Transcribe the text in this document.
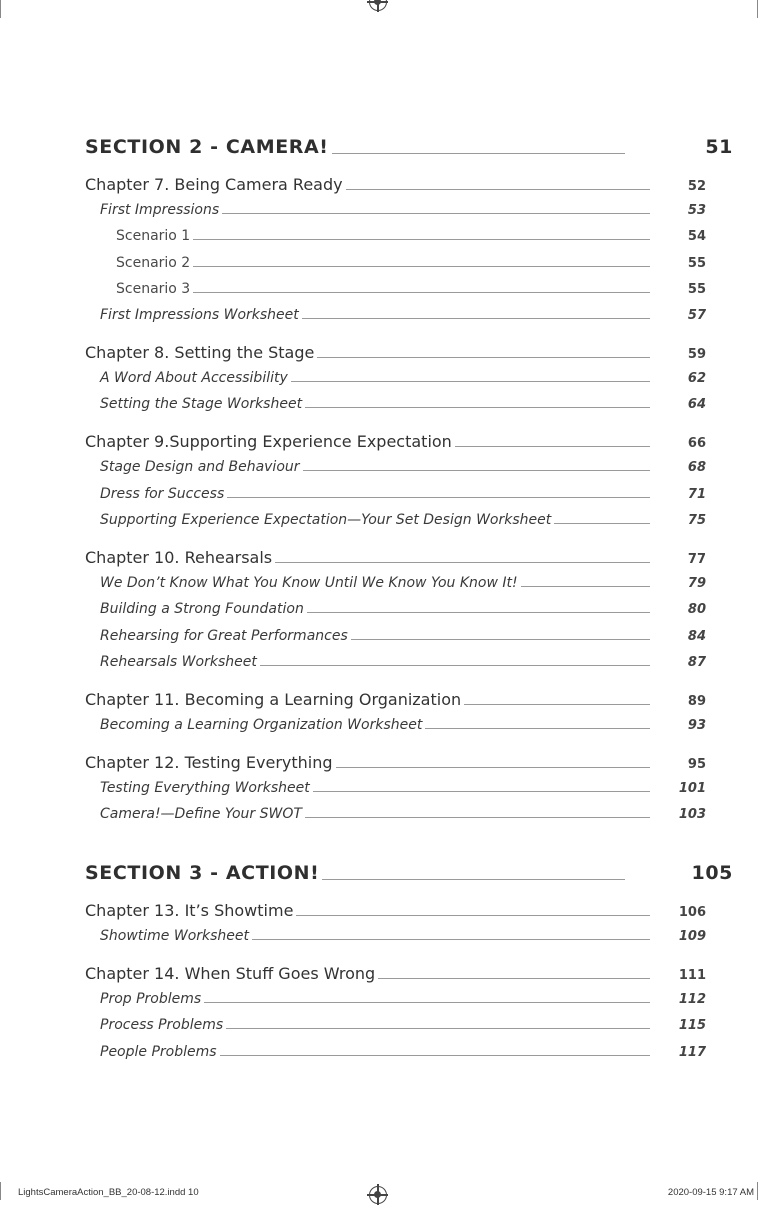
SECTION 2 - CAMERA!	51
Chapter 7. Being Camera Ready	52
First Impressions	53
Scenario 1	54
Scenario 2	55
Scenario 3	55
First Impressions Worksheet	57
Chapter 8. Setting the Stage	59
A Word About Accessibility	62
Setting the Stage Worksheet	64
Chapter 9.Supporting Experience Expectation	66
Stage Design and Behaviour	68
Dress for Success	71
Supporting Experience Expectation—Your Set Design Worksheet	75
Chapter 10. Rehearsals	77
We Don’t Know What You Know Until We Know You Know It!	79
Building a Strong Foundation	80
Rehearsing for Great Performances	84
Rehearsals Worksheet	87
Chapter 11. Becoming a Learning Organization	89
Becoming a Learning Organization Worksheet	93
Chapter 12. Testing Everything	95
Testing Everything Worksheet	101
Camera!—Define Your SWOT	103
SECTION 3 - ACTION!	105
Chapter 13. It’s Showtime	106
Showtime Worksheet	109
Chapter 14. When Stuff Goes Wrong	111
Prop Problems	112
Process Problems	115
People Problems	117
LightsCameraAction_BB_20-08-12.indd 10	2020-09-15 9:17 AM
